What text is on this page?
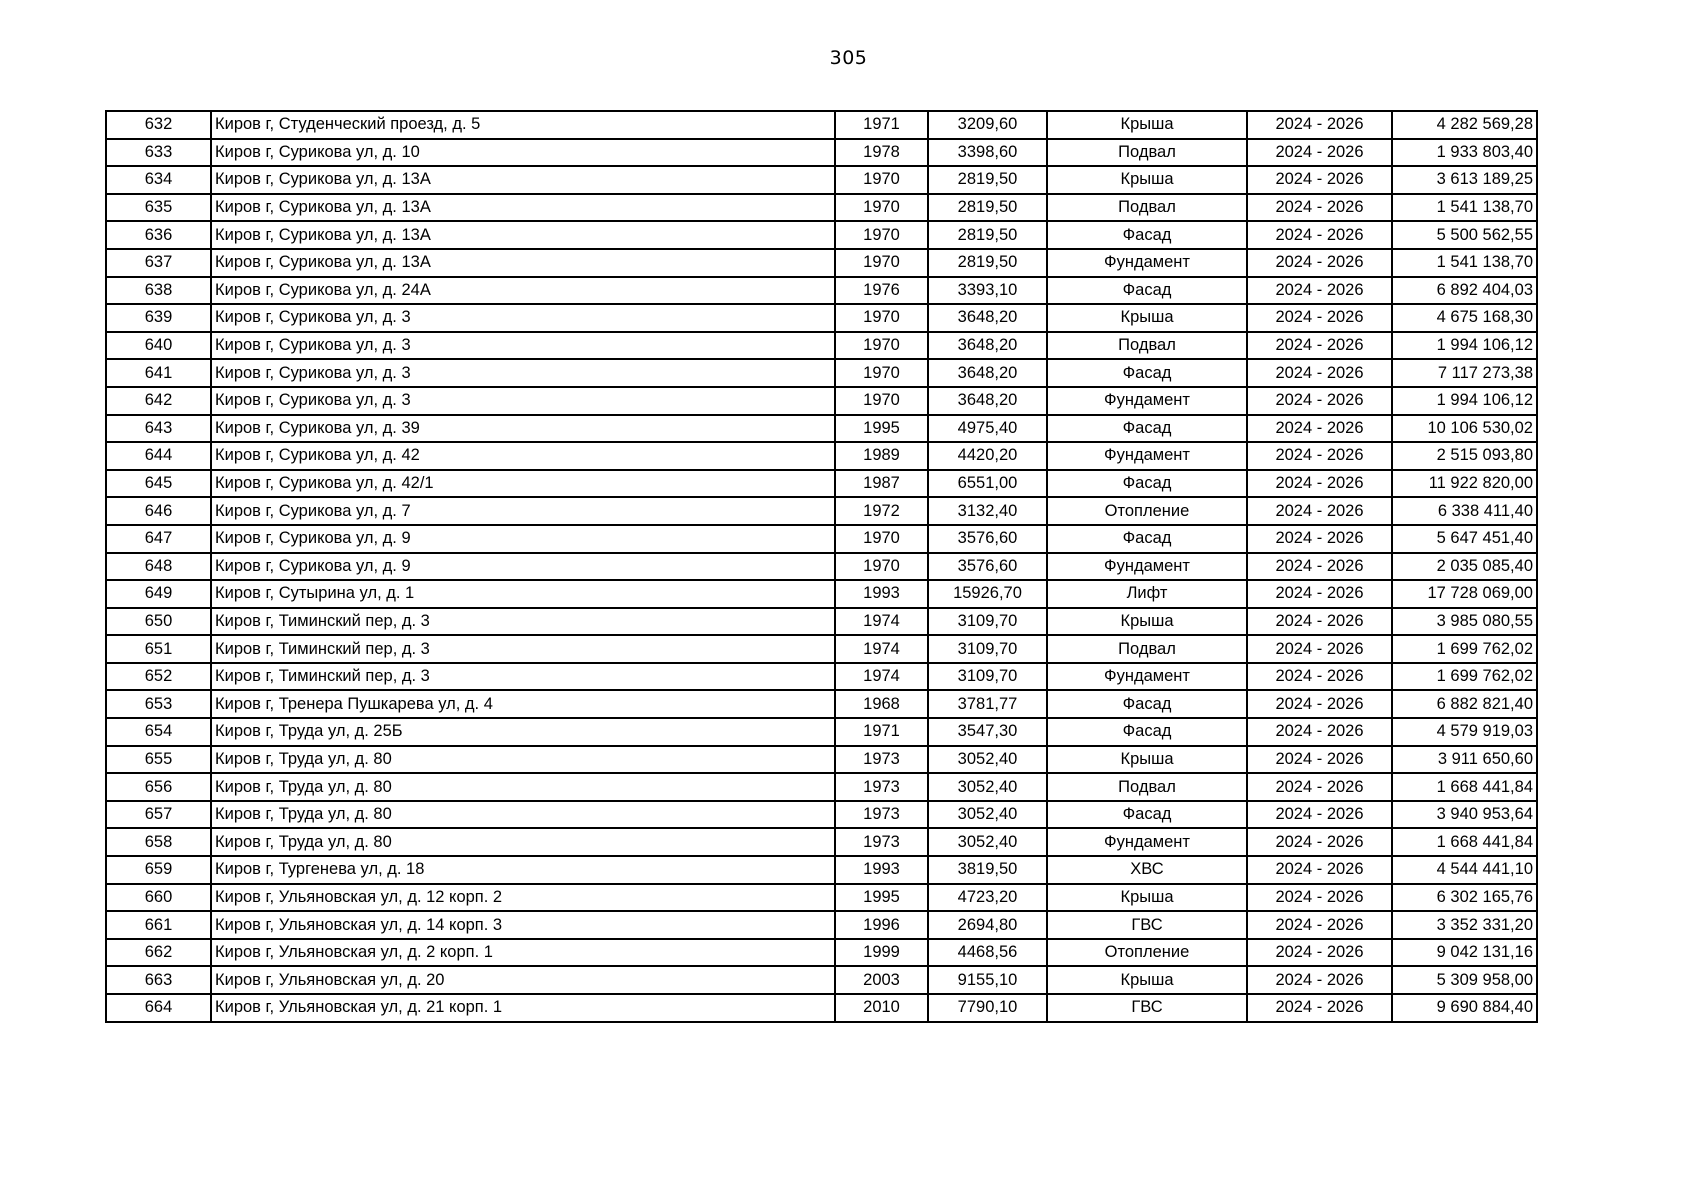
305
632	Киров г, Студенческий проезд, д. 5	1971	3209,60	Крыша	2024 - 2026	4 282 569,28
633	Киров г, Сурикова ул, д. 10	1978	3398,60	Подвал	2024 - 2026	1 933 803,40
634	Киров г, Сурикова ул, д. 13А	1970	2819,50	Крыша	2024 - 2026	3 613 189,25
635	Киров г, Сурикова ул, д. 13А	1970	2819,50	Подвал	2024 - 2026	1 541 138,70
636	Киров г, Сурикова ул, д. 13А	1970	2819,50	Фасад	2024 - 2026	5 500 562,55
637	Киров г, Сурикова ул, д. 13А	1970	2819,50	Фундамент	2024 - 2026	1 541 138,70
638	Киров г, Сурикова ул, д. 24А	1976	3393,10	Фасад	2024 - 2026	6 892 404,03
639	Киров г, Сурикова ул, д. 3	1970	3648,20	Крыша	2024 - 2026	4 675 168,30
640	Киров г, Сурикова ул, д. 3	1970	3648,20	Подвал	2024 - 2026	1 994 106,12
641	Киров г, Сурикова ул, д. 3	1970	3648,20	Фасад	2024 - 2026	7 117 273,38
642	Киров г, Сурикова ул, д. 3	1970	3648,20	Фундамент	2024 - 2026	1 994 106,12
643	Киров г, Сурикова ул, д. 39	1995	4975,40	Фасад	2024 - 2026	10 106 530,02
644	Киров г, Сурикова ул, д. 42	1989	4420,20	Фундамент	2024 - 2026	2 515 093,80
645	Киров г, Сурикова ул, д. 42/1	1987	6551,00	Фасад	2024 - 2026	11 922 820,00
646	Киров г, Сурикова ул, д. 7	1972	3132,40	Отопление	2024 - 2026	6 338 411,40
647	Киров г, Сурикова ул, д. 9	1970	3576,60	Фасад	2024 - 2026	5 647 451,40
648	Киров г, Сурикова ул, д. 9	1970	3576,60	Фундамент	2024 - 2026	2 035 085,40
649	Киров г, Сутырина ул, д. 1	1993	15926,70	Лифт	2024 - 2026	17 728 069,00
650	Киров г, Тиминский пер, д. 3	1974	3109,70	Крыша	2024 - 2026	3 985 080,55
651	Киров г, Тиминский пер, д. 3	1974	3109,70	Подвал	2024 - 2026	1 699 762,02
652	Киров г, Тиминский пер, д. 3	1974	3109,70	Фундамент	2024 - 2026	1 699 762,02
653	Киров г, Тренера Пушкарева ул, д. 4	1968	3781,77	Фасад	2024 - 2026	6 882 821,40
654	Киров г, Труда ул, д. 25Б	1971	3547,30	Фасад	2024 - 2026	4 579 919,03
655	Киров г, Труда ул, д. 80	1973	3052,40	Крыша	2024 - 2026	3 911 650,60
656	Киров г, Труда ул, д. 80	1973	3052,40	Подвал	2024 - 2026	1 668 441,84
657	Киров г, Труда ул, д. 80	1973	3052,40	Фасад	2024 - 2026	3 940 953,64
658	Киров г, Труда ул, д. 80	1973	3052,40	Фундамент	2024 - 2026	1 668 441,84
659	Киров г, Тургенева ул, д. 18	1993	3819,50	ХВС	2024 - 2026	4 544 441,10
660	Киров г, Ульяновская ул, д. 12 корп. 2	1995	4723,20	Крыша	2024 - 2026	6 302 165,76
661	Киров г, Ульяновская ул, д. 14 корп. 3	1996	2694,80	ГВС	2024 - 2026	3 352 331,20
662	Киров г, Ульяновская ул, д. 2 корп. 1	1999	4468,56	Отопление	2024 - 2026	9 042 131,16
663	Киров г, Ульяновская ул, д. 20	2003	9155,10	Крыша	2024 - 2026	5 309 958,00
664	Киров г, Ульяновская ул, д. 21 корп. 1	2010	7790,10	ГВС	2024 - 2026	9 690 884,40
